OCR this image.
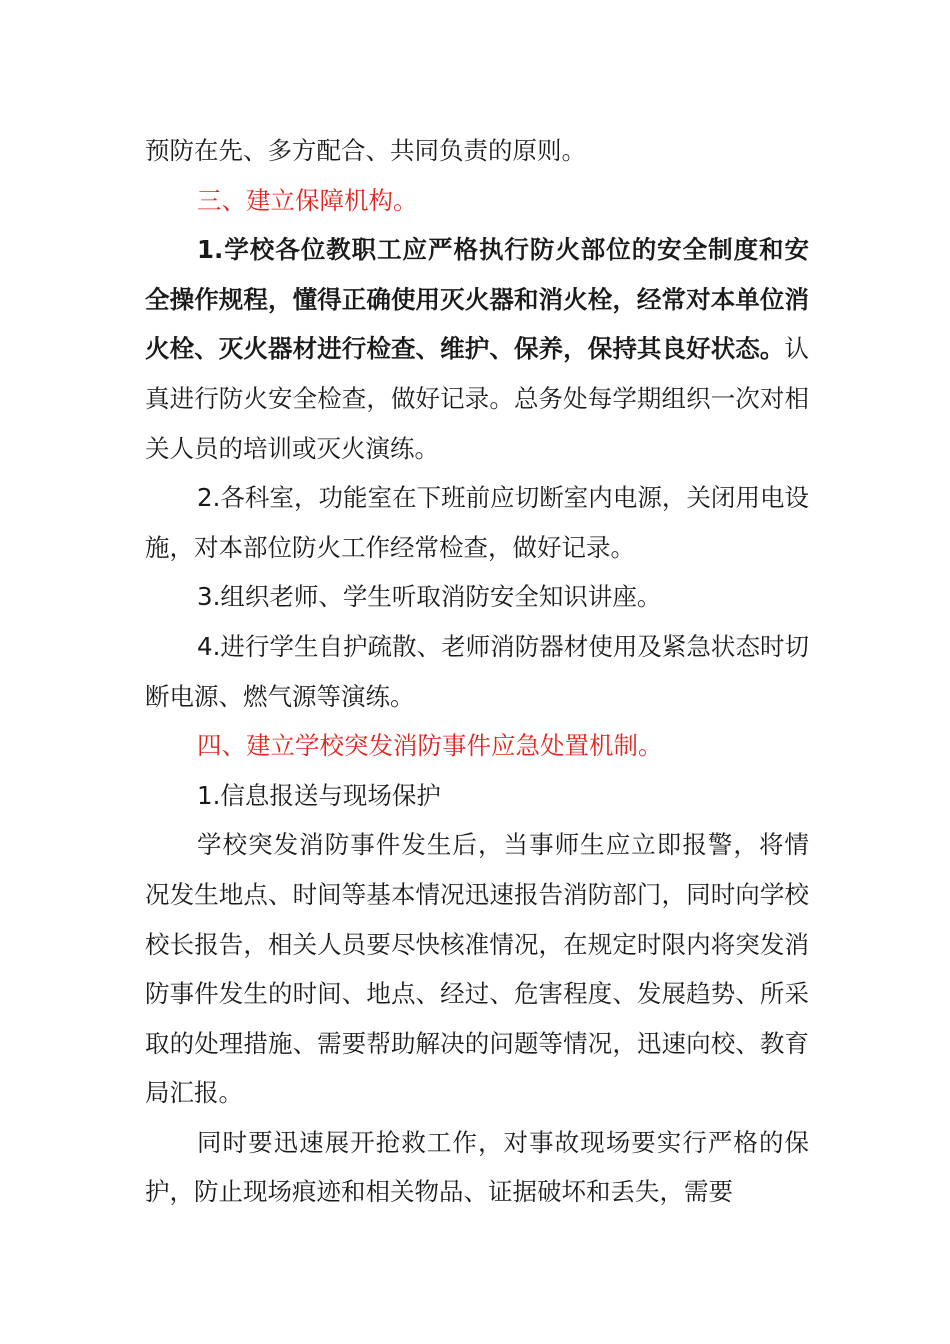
预防在先、多方配合、共同负责的原则。

三、建立保障机构。

1.学校各位教职工应严格执行防火部位的安全制度和安全操作规程，懂得正确使用灭火器和消火栓，经常对本单位消火栓、灭火器材进行检查、维护、保养，保持其良好状态。认真进行防火安全检查，做好记录。总务处每学期组织一次对相关人员的培训或灭火演练。

2.各科室，功能室在下班前应切断室内电源，关闭用电设施，对本部位防火工作经常检查，做好记录。

3.组织老师、学生听取消防安全知识讲座。

4.进行学生自护疏散、老师消防器材使用及紧急状态时切断电源、燃气源等演练。

四、建立学校突发消防事件应急处置机制。

1.信息报送与现场保护

学校突发消防事件发生后，当事师生应立即报警，将情况发生地点、时间等基本情况迅速报告消防部门，同时向学校校长报告，相关人员要尽快核准情况，在规定时限内将突发消防事件发生的时间、地点、经过、危害程度、发展趋势、所采取的处理措施、需要帮助解决的问题等情况，迅速向校、教育局汇报。

同时要迅速展开抢救工作，对事故现场要实行严格的保护，防止现场痕迹和相关物品、证据破坏和丢失，需要
